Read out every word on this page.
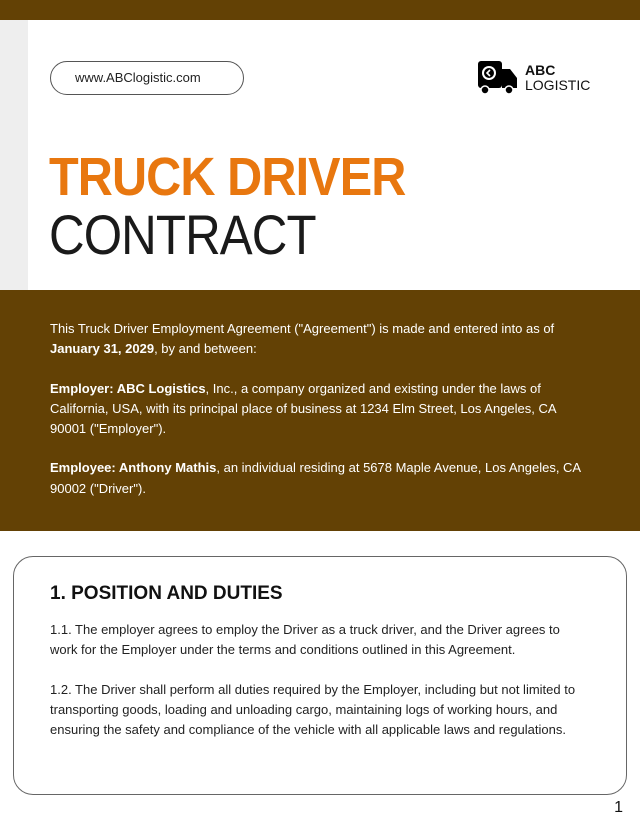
www.ABClogistic.com	ABC
LOGISTIC
TRUCK DRIVER
CONTRACT

This Truck Driver Employment Agreement ("Agreement") is made and entered into as of January 31, 2029, by and between:

Employer: ABC Logistics, Inc., a company organized and existing under the laws of California, USA, with its principal place of business at 1234 Elm Street, Los Angeles, CA 90001 ("Employer").

Employee: Anthony Mathis, an individual residing at 5678 Maple Avenue, Los Angeles, CA 90002 ("Driver").

1. POSITION AND DUTIES

1.1. The employer agrees to employ the Driver as a truck driver, and the Driver agrees to work for the Employer under the terms and conditions outlined in this Agreement.

1.2. The Driver shall perform all duties required by the Employer, including but not limited to transporting goods, loading and unloading cargo, maintaining logs of working hours, and ensuring the safety and compliance of the vehicle with all applicable laws and regulations.

1
